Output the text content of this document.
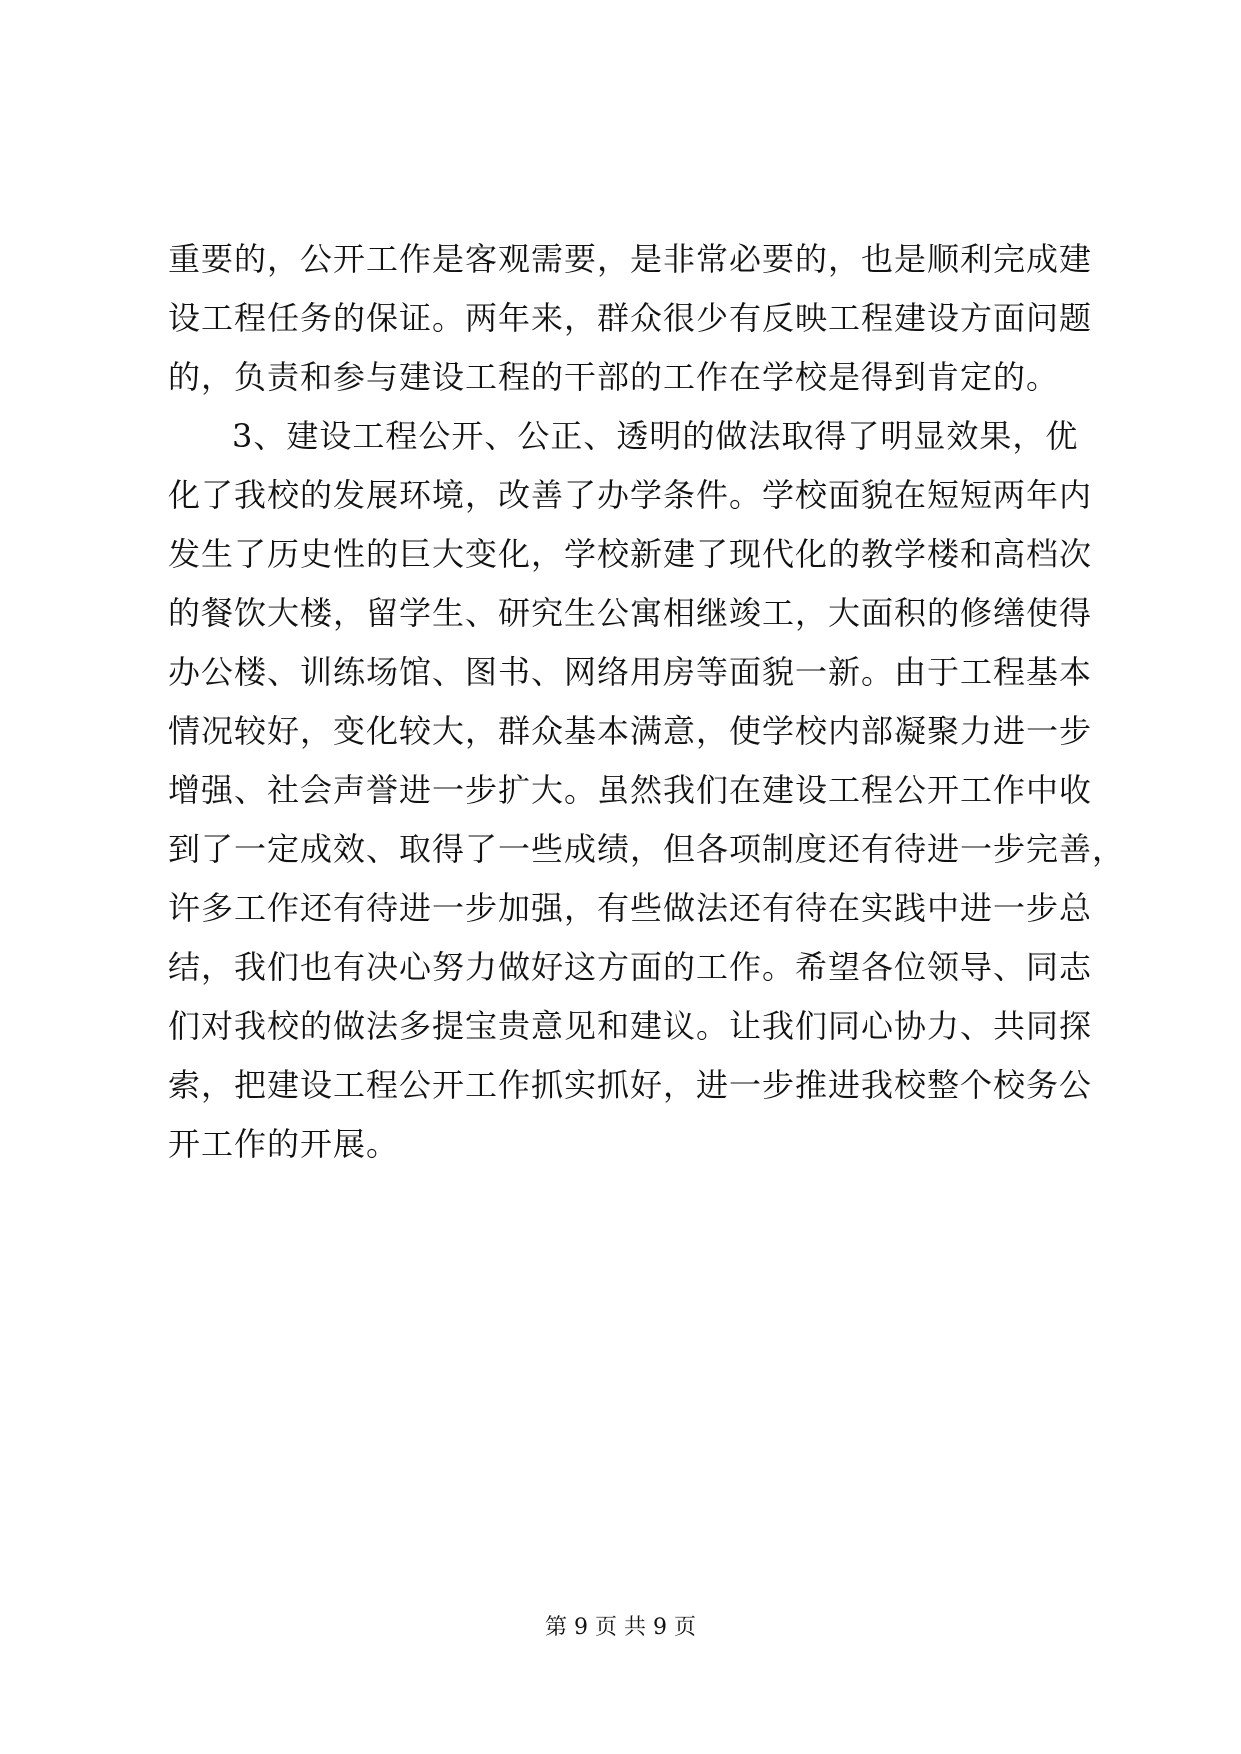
重要的，公开工作是客观需要，是非常必要的，也是顺利完成建
设工程任务的保证。两年来，群众很少有反映工程建设方面问题
的，负责和参与建设工程的干部的工作在学校是得到肯定的。
3、建设工程公开、公正、透明的做法取得了明显效果，优
化了我校的发展环境，改善了办学条件。学校面貌在短短两年内
发生了历史性的巨大变化，学校新建了现代化的教学楼和高档次
的餐饮大楼，留学生、研究生公寓相继竣工，大面积的修缮使得
办公楼、训练场馆、图书、网络用房等面貌一新。由于工程基本
情况较好，变化较大，群众基本满意，使学校内部凝聚力进一步
增强、社会声誉进一步扩大。虽然我们在建设工程公开工作中收
到了一定成效、取得了一些成绩，但各项制度还有待进一步完善，
许多工作还有待进一步加强，有些做法还有待在实践中进一步总
结，我们也有决心努力做好这方面的工作。希望各位领导、同志
们对我校的做法多提宝贵意见和建议。让我们同心协力、共同探
索，把建设工程公开工作抓实抓好，进一步推进我校整个校务公
开工作的开展。
第 9 页 共 9 页
